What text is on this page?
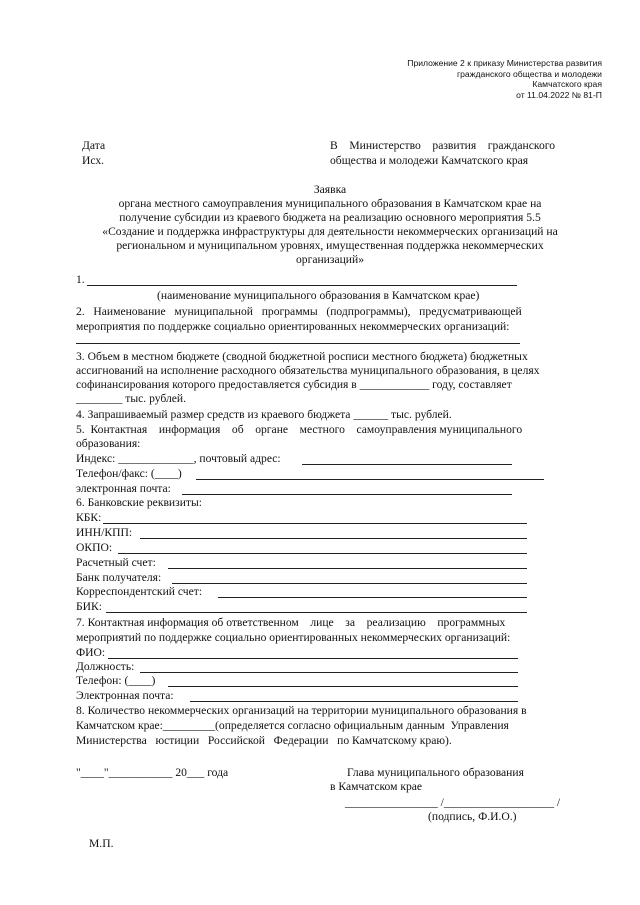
Приложение 2 к приказу Министерства развития
гражданского общества и молодежи
Камчатского края
от 11.04.2022 № 81-П
Дата
Исх.
В    Министерство    развития    гражданского
общества и молодежи Камчатского края
Заявка
органа местного самоуправления муниципального образования в Камчатском крае на
получение субсидии из краевого бюджета на реализацию основного мероприятия 5.5
«Создание и поддержка инфраструктуры для деятельности некоммерческих организаций на
региональном и муниципальном уровнях, имущественная поддержка некоммерческих
организаций»
1.
(наименование муниципального образования в Камчатском крае)
2.   Наименование   муниципальной   программы   (подпрограммы),   предусматривающей
мероприятия по поддержке социально ориентированных некоммерческих организаций:
3. Объем в местном бюджете (сводной бюджетной росписи местного бюджета) бюджетных
ассигнований на исполнение расходного обязательства муниципального образования, в целях
софинансирования которого предоставляется субсидия в ____________ году, составляет
________ тыс. рублей.
4. Запрашиваемый размер средств из краевого бюджета ______ тыс. рублей.
5.  Контактная    информация    об    органе    местного    самоуправления муниципального
образования:
Индекс: _____________, почтовый адрес:
Телефон/факс: (____)
электронная почта:
6. Банковские реквизиты:
КБК:
ИНН/КПП:
ОКПО:
Расчетный счет:
Банк получателя:
Корреспондентский счет:
БИК:
7. Контактная информация об ответственном    лице    за    реализацию    программных
мероприятий по поддержке социально ориентированных некоммерческих организаций:
ФИО:
Должность:
Телефон: (____)
Электронная почта:
8. Количество некоммерческих организаций на территории муниципального образования в
Камчатском крае:_________(определяется согласно официальным данным  Управления
Министерства   юстиции   Российской   Федерации   по Камчатскому краю).
"____"___________ 20___ года	Глава муниципального образования
в Камчатском крае
________________ /___________________ /
(подпись, Ф.И.О.)
М.П.
